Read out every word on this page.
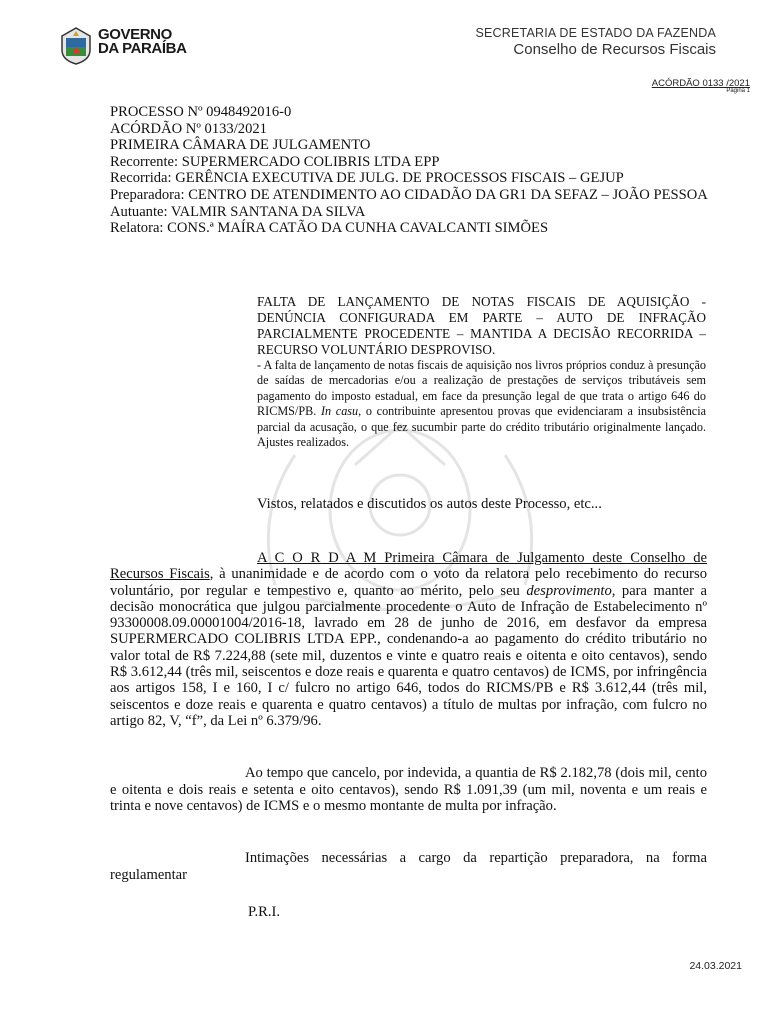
GOVERNO
DA PARAÍBA
SECRETARIA DE ESTADO DA FAZENDA
Conselho de Recursos Fiscais
ACÓRDÃO 0133 /2021
Página 1
PROCESSO Nº 0948492016-0
ACÓRDÃO Nº 0133/2021
PRIMEIRA CÂMARA DE JULGAMENTO
Recorrente: SUPERMERCADO COLIBRIS LTDA EPP
Recorrida: GERÊNCIA EXECUTIVA DE JULG. DE PROCESSOS FISCAIS – GEJUP
Preparadora: CENTRO DE ATENDIMENTO AO CIDADÃO DA GR1 DA SEFAZ – JOÃO PESSOA
Autuante: VALMIR SANTANA DA SILVA
Relatora: CONS.ª MAÍRA CATÃO DA CUNHA CAVALCANTI SIMÕES
FALTA DE LANÇAMENTO DE NOTAS FISCAIS DE AQUISIÇÃO - DENÚNCIA CONFIGURADA EM PARTE – AUTO DE INFRAÇÃO PARCIALMENTE PROCEDENTE – MANTIDA A DECISÃO RECORRIDA – RECURSO VOLUNTÁRIO DESPROVISO.
- A falta de lançamento de notas fiscais de aquisição nos livros próprios conduz à presunção de saídas de mercadorias e/ou a realização de prestações de serviços tributáveis sem pagamento do imposto estadual, em face da presunção legal de que trata o artigo 646 do RICMS/PB. In casu, o contribuinte apresentou provas que evidenciaram a insubsistência parcial da acusação, o que fez sucumbir parte do crédito tributário originalmente lançado. Ajustes realizados.
Vistos, relatados e discutidos os autos deste Processo, etc...
A C O R D A M Primeira Câmara de Julgamento deste Conselho de Recursos Fiscais, à unanimidade e de acordo com o voto da relatora pelo recebimento do recurso voluntário, por regular e tempestivo e, quanto ao mérito, pelo seu desprovimento, para manter a decisão monocrática que julgou parcialmente procedente o Auto de Infração de Estabelecimento nº 93300008.09.00001004/2016-18, lavrado em 28 de junho de 2016, em desfavor da empresa SUPERMERCADO COLIBRIS LTDA EPP., condenando-a ao pagamento do crédito tributário no valor total de R$ 7.224,88 (sete mil, duzentos e vinte e quatro reais e oitenta e oito centavos), sendo R$ 3.612,44 (três mil, seiscentos e doze reais e quarenta e quatro centavos) de ICMS, por infringência aos artigos 158, I e 160, I c/ fulcro no artigo 646, todos do RICMS/PB e R$ 3.612,44 (três mil, seiscentos e doze reais e quarenta e quatro centavos) a título de multas por infração, com fulcro no artigo 82, V, “f”, da Lei nº 6.379/96.
Ao tempo que cancelo, por indevida, a quantia de R$ 2.182,78 (dois mil, cento e oitenta e dois reais e setenta e oito centavos), sendo R$ 1.091,39 (um mil, noventa e um reais e trinta e nove centavos) de ICMS e o mesmo montante de multa por infração.
Intimações necessárias a cargo da repartição preparadora, na forma regulamentar
P.R.I.
24.03.2021
